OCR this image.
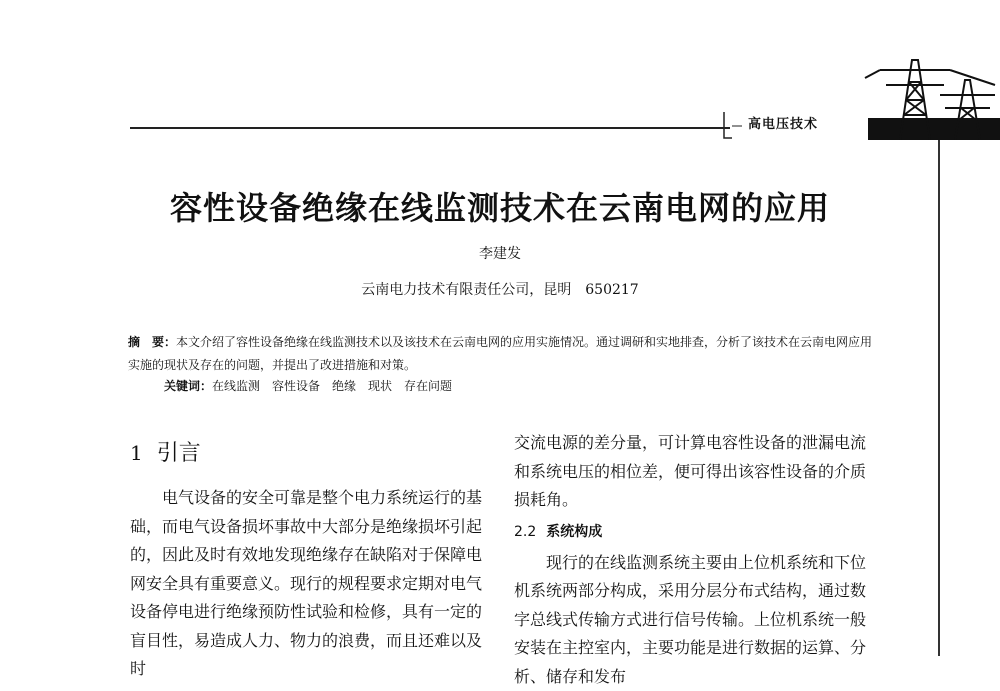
高电压技术
容性设备绝缘在线监测技术在云南电网的应用
李建发
云南电力技术有限责任公司，昆明　650217
摘　要：本文介绍了容性设备绝缘在线监测技术以及该技术在云南电网的应用实施情况。通过调研和实地排查，分析了该技术在云南电网应用实施的现状及存在的问题，并提出了改进措施和对策。
关键词：在线监测　容性设备　绝缘　现状　存在问题
1 引言
电气设备的安全可靠是整个电力系统运行的基础，而电气设备损坏事故中大部分是绝缘损坏引起的，因此及时有效地发现绝缘存在缺陷对于保障电网安全具有重要意义。现行的规程要求定期对电气设备停电进行绝缘预防性试验和检修，具有一定的盲目性，易造成人力、物力的浪费，而且还难以及时
交流电源的差分量，可计算电容性设备的泄漏电流和系统电压的相位差，便可得出该容性设备的介质损耗角。
2.2 系统构成
现行的在线监测系统主要由上位机系统和下位机系统两部分构成，采用分层分布式结构，通过数字总线式传输方式进行信号传输。上位机系统一般安装在主控室内，主要功能是进行数据的运算、分析、储存和发布
